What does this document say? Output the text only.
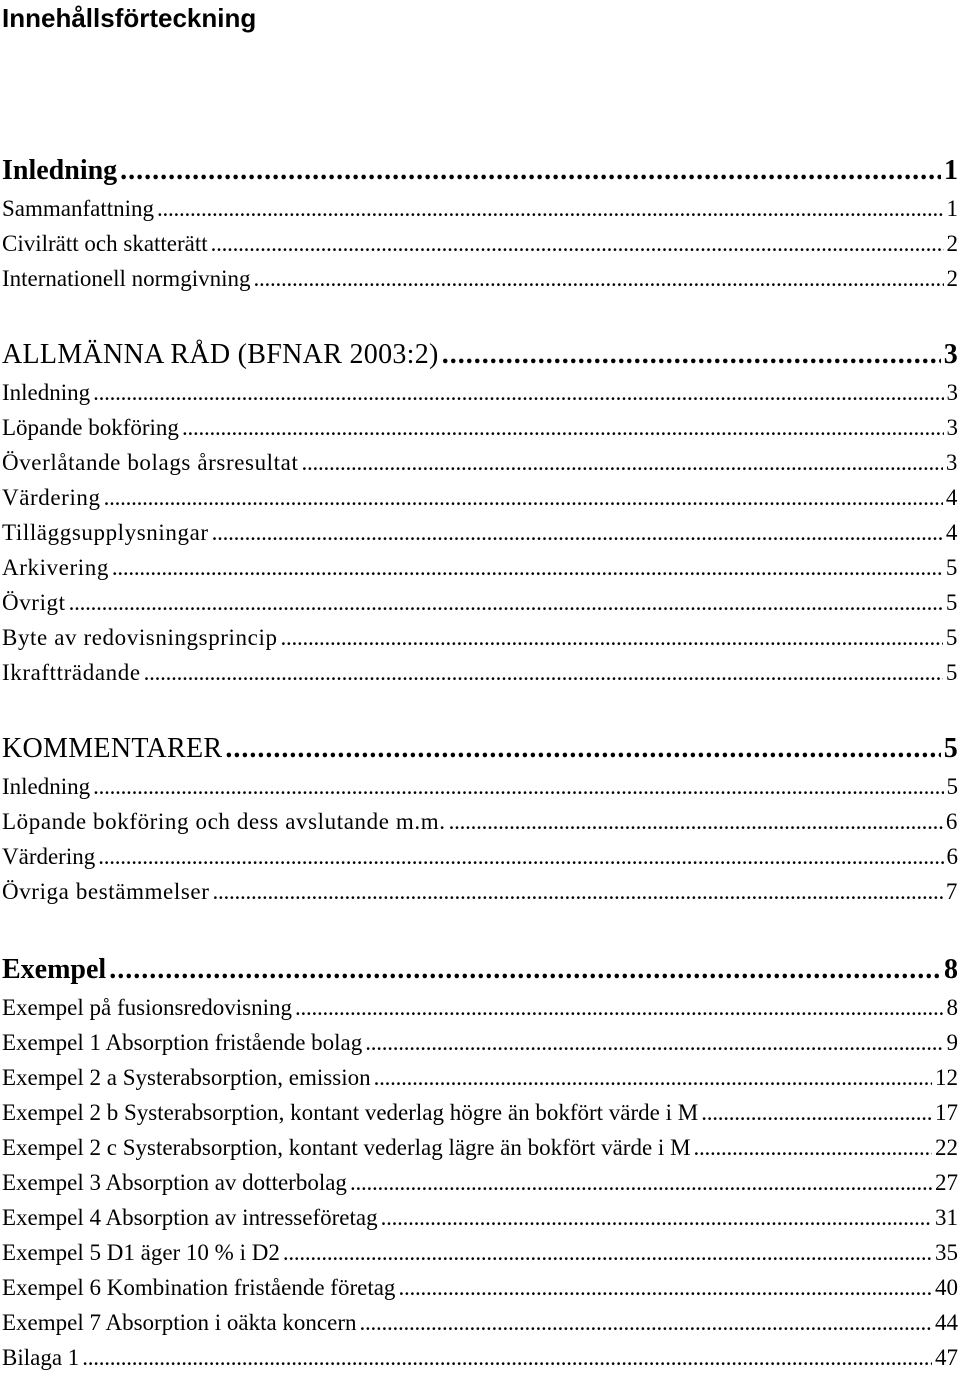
Innehållsförteckning
Inledning . . .	1
Sammanfattning . . .	1
Civilrätt och skatterätt . . .	2
Internationell normgivning . . .	2
ALLMÄNNA RÅD (BFNAR 2003:2) . . .	3
Inledning . . .	3
Löpande bokföring . . .	3
Överlåtande bolags årsresultat . . .	3
Värdering . . .	4
Tilläggsupplysningar . . .	4
Arkivering . . .	5
Övrigt . . .	5
Byte av redovisningsprincip . . .	5
Ikraftträdande . . .	5
KOMMENTARER . . .	5
Inledning . . .	5
Löpande bokföring och dess avslutande m.m. . . .	6
Värdering . . .	6
Övriga bestämmelser . . .	7
Exempel . . .	8
Exempel på fusionsredovisning . . .	8
Exempel 1 Absorption fristående bolag . . .	9
Exempel 2 a Systerabsorption, emission . . .	12
Exempel 2 b Systerabsorption, kontant vederlag högre än bokfört värde i M . . .	17
Exempel 2 c Systerabsorption, kontant vederlag lägre än bokfört värde i M . . .	22
Exempel 3 Absorption av dotterbolag . . .	27
Exempel 4 Absorption av intresseföretag . . .	31
Exempel 5 D1 äger 10 % i D2 . . .	35
Exempel 6 Kombination fristående företag . . .	40
Exempel 7 Absorption i oäkta koncern . . .	44
Bilaga 1 . . .	47
